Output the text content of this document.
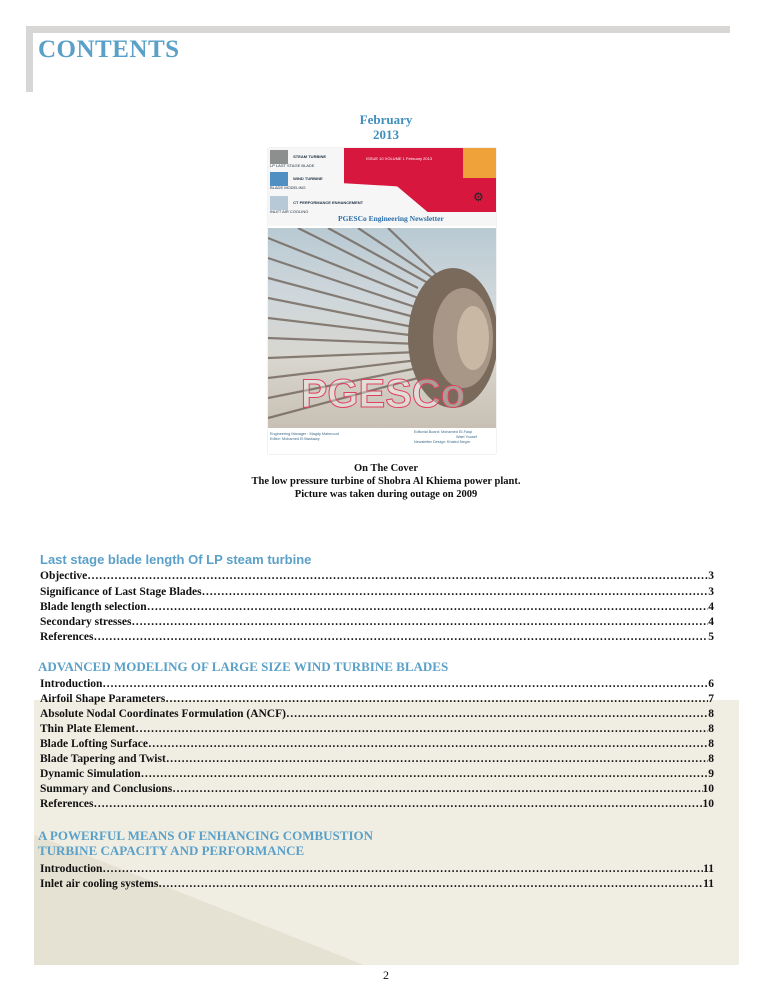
CONTENTS
February
2013
STEAM TURBINE
LP LAST STAGE BLADE
WIND TURBINE
BLADE MODELING
CT PERFORMANCE ENHANCEMENT
INLET AIR COOLING
ISSUE 10 VOLUME 1 February 2013
⚙
PGESCo Engineering Newsletter
PGESCo
Engineering Manager : Magdy Mahmoud
Editor: Mohamed El Baskawy
Editorial Board: Mohamed El-Faiqi
Wael Yousef
Newsletter Design: Khaled Negm
On The Cover
The low pressure turbine of Shobra Al Khiema power plant.
Picture was taken during outage on 2009
Last stage blade length Of LP steam turbine
Objective ……………………………………………………………………………………………………………………………………………………………………	3
Significance of Last Stage Blades ……………………………………………………………………………………………………………………………………………………………………	3
Blade length selection ……………………………………………………………………………………………………………………………………………………………………	4
Secondary stresses ……………………………………………………………………………………………………………………………………………………………………	4
References ……………………………………………………………………………………………………………………………………………………………………	5
ADVANCED MODELING OF LARGE SIZE WIND TURBINE BLADES
Introduction ……………………………………………………………………………………………………………………………………………………………………	6
Airfoil Shape Parameters ……………………………………………………………………………………………………………………………………………………………………	7
Absolute Nodal Coordinates Formulation (ANCF) ……………………………………………………………………………………………………………………………………………………………………	8
Thin Plate Element ……………………………………………………………………………………………………………………………………………………………………	8
Blade Lofting Surface ……………………………………………………………………………………………………………………………………………………………………	8
Blade Tapering and Twist ……………………………………………………………………………………………………………………………………………………………………	8
Dynamic Simulation ……………………………………………………………………………………………………………………………………………………………………	9
Summary and Conclusions ……………………………………………………………………………………………………………………………………………………………………	10
References ……………………………………………………………………………………………………………………………………………………………………	10
A POWERFUL MEANS OF ENHANCING COMBUSTION
TURBINE CAPACITY AND PERFORMANCE
Introduction ……………………………………………………………………………………………………………………………………………………………………	11
Inlet air cooling systems ……………………………………………………………………………………………………………………………………………………………………	11
2
